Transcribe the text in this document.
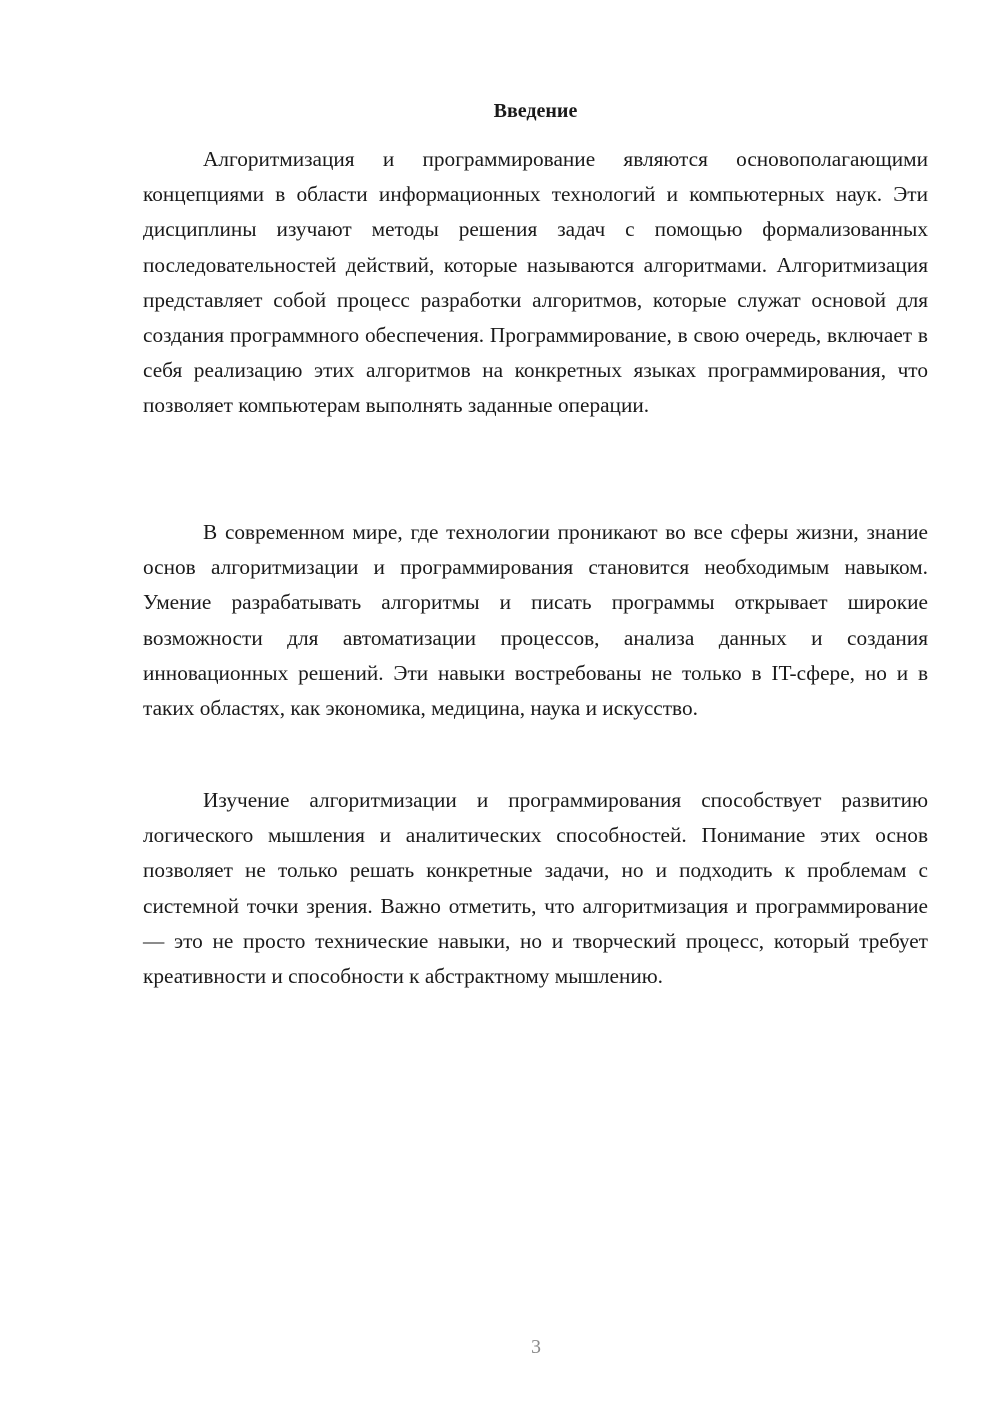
Введение

Алгоритмизация и программирование являются основополагающими концепциями в области информационных технологий и компьютерных наук. Эти дисциплины изучают методы решения задач с помощью формализованных последовательностей действий, которые называются алгоритмами. Алгоритмизация представляет собой процесс разработки алгоритмов, которые служат основой для создания программного обеспечения. Программирование, в свою очередь, включает в себя реализацию этих алгоритмов на конкретных языках программирования, что позволяет компьютерам выполнять заданные операции.

В современном мире, где технологии проникают во все сферы жизни, знание основ алгоритмизации и программирования становится необходимым навыком. Умение разрабатывать алгоритмы и писать программы открывает широкие возможности для автоматизации процессов, анализа данных и создания инновационных решений. Эти навыки востребованы не только в IT-сфере, но и в таких областях, как экономика, медицина, наука и искусство.

Изучение алгоритмизации и программирования способствует развитию логического мышления и аналитических способностей. Понимание этих основ позволяет не только решать конкретные задачи, но и подходить к проблемам с системной точки зрения. Важно отметить, что алгоритмизация и программирование — это не просто технические навыки, но и творческий процесс, который требует креативности и способности к абстрактному мышлению.

3
